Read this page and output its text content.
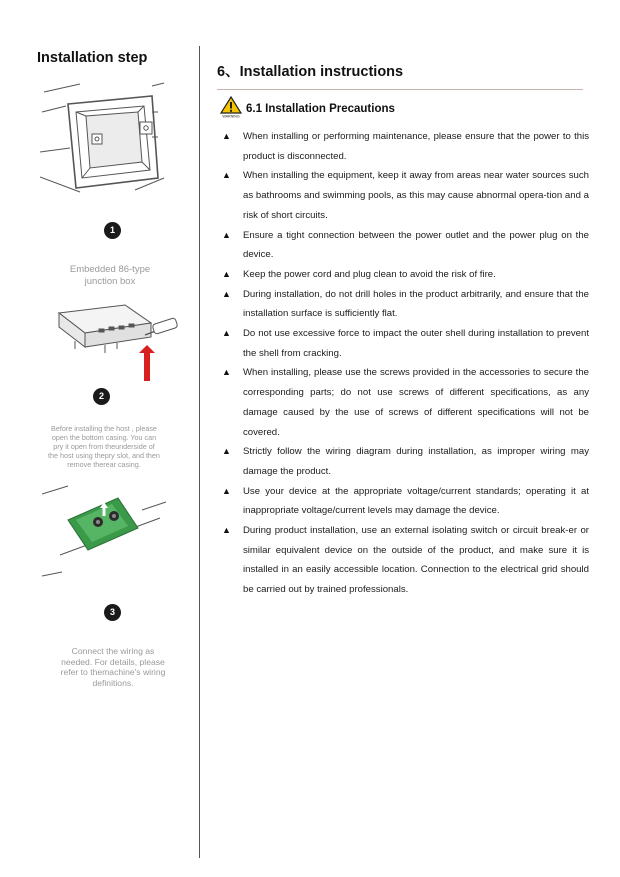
Installation step
1
Embedded 86-type junction box
2
Before installing the host , please open the bottom casing. You can pry it open from theunderside of the host using thepry slot, and then remove therear casing.
3
Connect the wiring as needed. For details, please refer to themachine's wiring definitions.
6、Installation instructions
WARNING
6.1 Installation Precautions
▲ When installing or performing maintenance, please ensure that the power to this product is disconnected.
▲ When installing the equipment, keep it away from areas near water sources such as bathrooms and swimming pools, as this may cause abnormal opera-tion and a risk of short circuits.
▲ Ensure a tight connection between the power outlet and the power plug on the device.
▲ Keep the power cord and plug clean to avoid the risk of fire.
▲ During installation, do not drill holes in the product arbitrarily, and ensure that the installation surface is sufficiently flat.
▲ Do not use excessive force to impact the outer shell during installation to prevent the shell from cracking.
▲ When installing, please use the screws provided in the accessories to secure the corresponding parts; do not use screws of different specifications, as any damage caused by the use of screws of different specifications will not be covered.
▲ Strictly follow the wiring diagram during installation, as improper wiring may damage the product.
▲ Use your device at the appropriate voltage/current standards; operating it at inappropriate voltage/current levels may damage the device.
▲ During product installation, use an external isolating switch or circuit break-er or similar equivalent device on the outside of the product, and make sure it is installed in an easily accessible location. Connection to the electrical grid should be carried out by trained professionals.
